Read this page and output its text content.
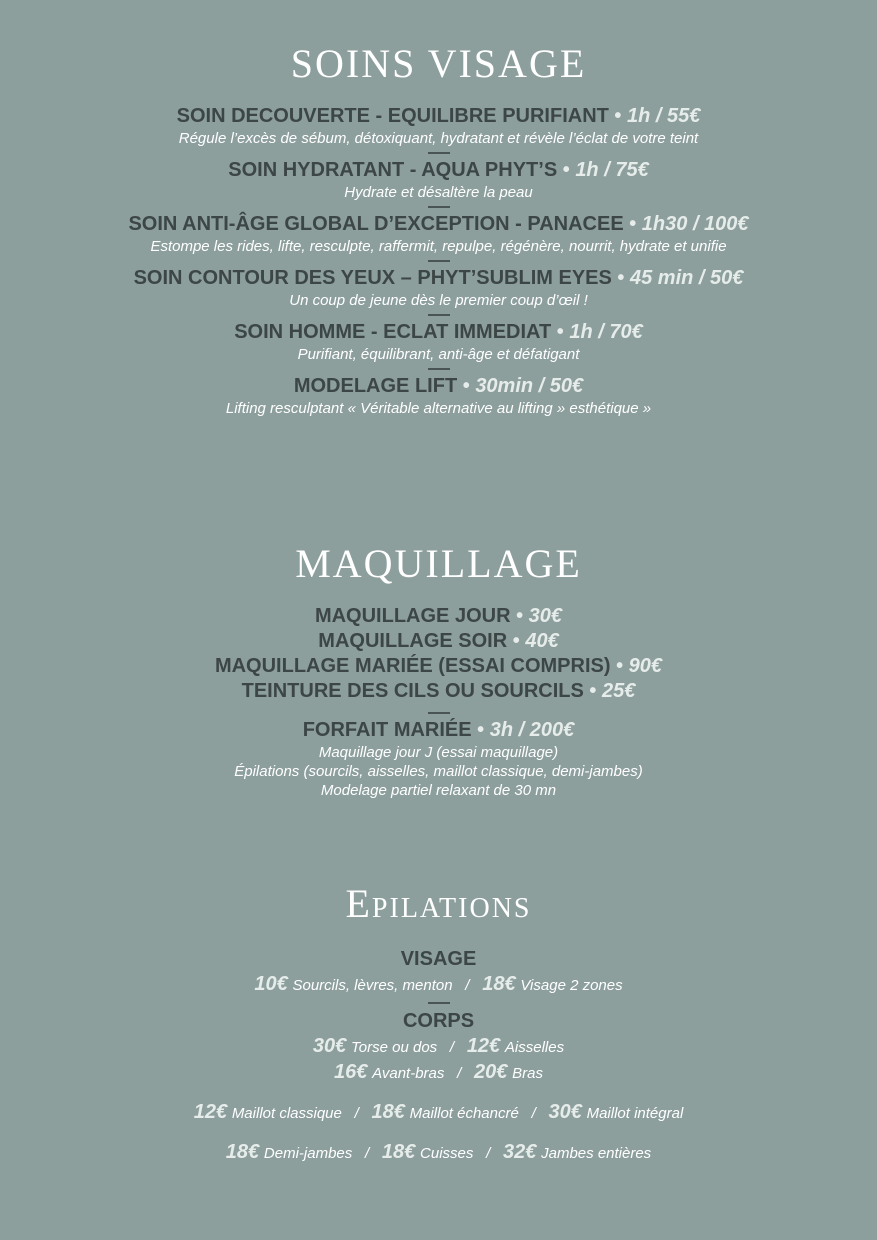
SOINS VISAGE
SOIN DECOUVERTE - EQUILIBRE PURIFIANT • 1h / 55€
Régule l’excès de sébum, détoxiquant, hydratant et révèle l’éclat de votre teint
SOIN HYDRATANT - AQUA PHYT’S • 1h / 75€
Hydrate et désaltère la peau
SOIN ANTI-ÂGE GLOBAL D’EXCEPTION - PANACEE • 1h30 / 100€
Estompe les rides, lifte, resculpte, raffermit, repulpe, régénère, nourrit, hydrate et unifie
SOIN CONTOUR DES YEUX – PHYT’SUBLIM EYES • 45 min / 50€
Un coup de jeune dès le premier coup d’œil !
SOIN HOMME - ECLAT IMMEDIAT • 1h / 70€
Purifiant, équilibrant, anti-âge et défatigant
MODELAGE LIFT • 30min / 50€
Lifting resculptant « Véritable alternative au lifting » esthétique »
MAQUILLAGE
MAQUILLAGE JOUR • 30€
MAQUILLAGE SOIR • 40€
MAQUILLAGE MARIÉE (ESSAI COMPRIS) • 90€
TEINTURE DES CILS OU SOURCILS • 25€
FORFAIT MARIÉE • 3h / 200€
Maquillage jour J (essai maquillage)
Épilations (sourcils, aisselles, maillot classique, demi-jambes)
Modelage partiel relaxant de 30 mn
Epilations
VISAGE
10€ Sourcils, lèvres, menton / 18€ Visage 2 zones
CORPS
30€ Torse ou dos / 12€ Aisselles
16€ Avant-bras / 20€ Bras
12€ Maillot classique / 18€ Maillot échancré / 30€ Maillot intégral
18€ Demi-jambes / 18€ Cuisses / 32€ Jambes entières
